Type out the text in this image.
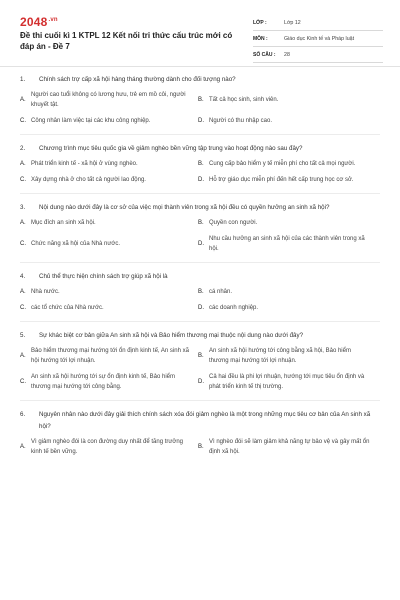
$2048^{.vn}$
Đề thi cuối kì 1 KTPL 12 Kết nối tri thức cấu trúc mới có đáp án - Đề 7
LỚP :	Lớp 12
MÔN :	Giáo dục Kinh tế và Pháp luật
SỐ CÂU :	28
1.	Chính sách trợ cấp xã hội hàng tháng thường dành cho đối tượng nào?
A.
Người cao tuổi không có lương hưu, trẻ em mồ côi, người khuyết tật.
B. Tất cả học sinh, sinh viên.
C. Công nhân làm việc tại các khu công nghiệp.	D. Người có thu nhập cao.
2.	Chương trình mục tiêu quốc gia về giảm nghèo bền vững tập trung vào hoạt động nào sau đây?
A. Phát triển kinh tế - xã hội ở vùng nghèo.	B. Cung cấp bảo hiểm y tế miễn phí cho tất cả mọi người.
C. Xây dựng nhà ở cho tất cả người lao động.	D. Hỗ trợ giáo dục miễn phí đến hết cấp trung học cơ sở.
3.	Nội dung nào dưới đây là cơ sở của việc mọi thành viên trong xã hội đều có quyền hưởng an sinh xã hội?
A. Mục đích an sinh xã hội.	B. Quyền con người.
C. Chức năng xã hội của Nhà nước.	D.
Nhu cầu hưởng an sinh xã hội của các thành viên trong xã hội.
4.	Chủ thể thực hiện chính sách trợ giúp xã hội là
A. Nhà nước.	B. cá nhân.
C. các tổ chức của Nhà nước.	D. các doanh nghiệp.
5.	Sự khác biệt cơ bản giữa An sinh xã hội và Bảo hiểm thương mại thuộc nội dung nào dưới đây?
A.
Bảo hiểm thương mại hướng tới ổn định kinh tế, An sinh xã hội hướng tới lợi nhuận.
B.
An sinh xã hội hướng tới công bằng xã hội, Bảo hiểm thương mại hướng tới lợi nhuận.
C.
An sinh xã hội hướng tới sự ổn định kinh tế, Bảo hiểm thương mại hướng tới công bằng.
D.
Cả hai đều là phi lợi nhuận, hướng tới mục tiêu ổn định và phát triển kinh tế thị trường.
6.	Nguyên nhân nào dưới đây giải thích chính sách xóa đói giảm nghèo là một trong những mục tiêu cơ bản của An sinh xã hội?
A.
Vì giảm nghèo đói là con đường duy nhất để tăng trưởng kinh tế bền vững.
B.
Vì nghèo đói sẽ làm giảm khả năng tự bảo vệ và gây mất ổn định xã hội.
